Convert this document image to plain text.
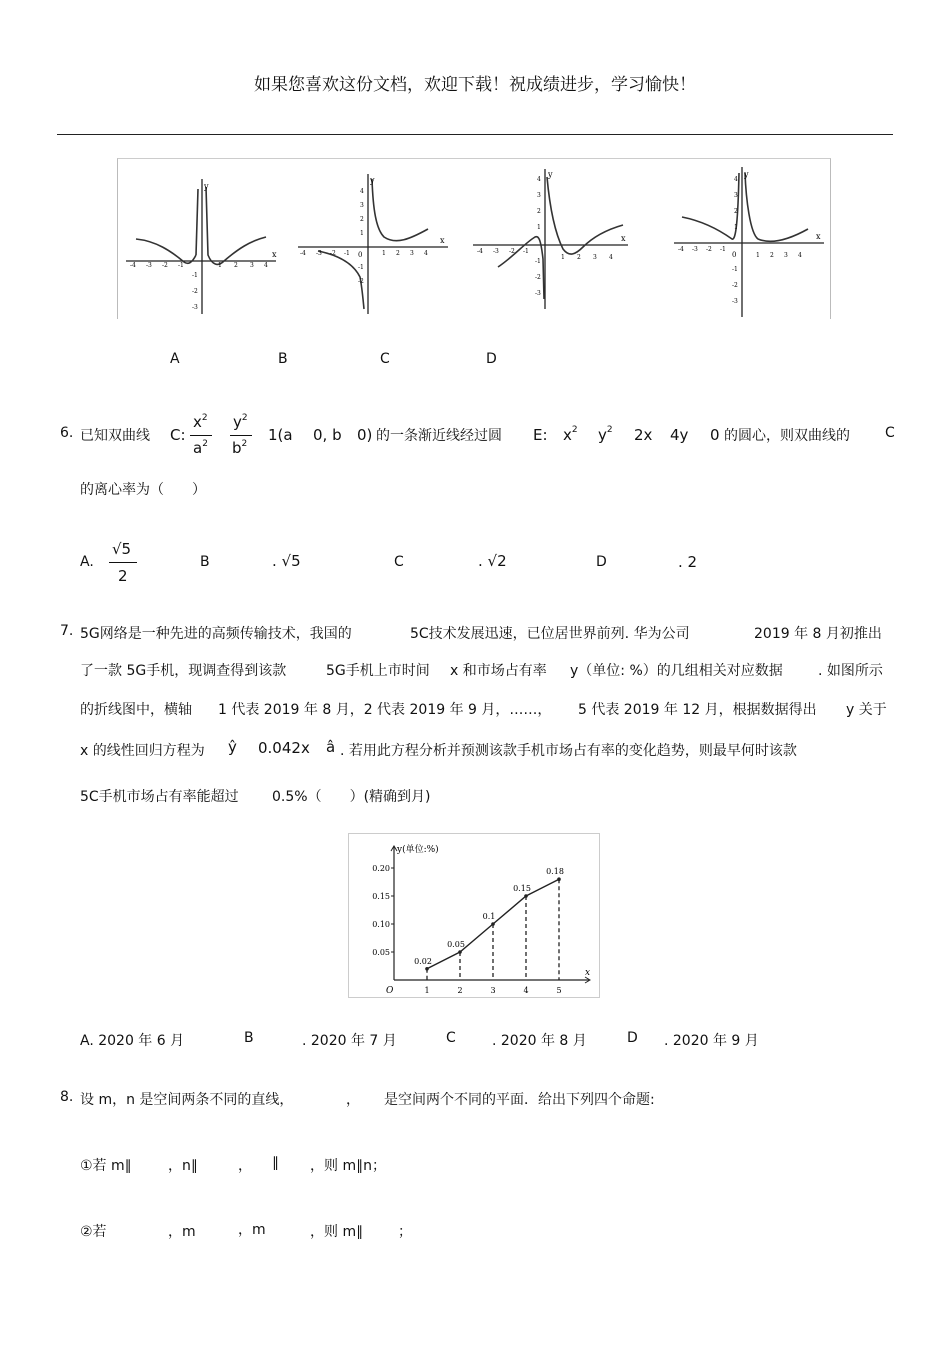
如果您喜欢这份文档，欢迎下载！祝成绩进步，学习愉快！
y
x
-4 -3 -2 -1	1 2 3 4
-1
-2
-3
y
x
0
-4 -3 -2 -1	1 2 3 4
4
3
2
1
-1
-2
y
x
-4 -3 -2 -1
1 2 3 4
4
3
2
1
-1
-2
-3
y
x
0
-4 -3 -2 -1
1 2 3 4
4
3
2
1
-1
-2
-3
A	B	C	D
6. 已知双曲线 C:
$x^2$
$a^2$
$y^2$
$b^2$ 1(a 0, b 0) 的一条渐近线经过圆 E: $x^2$ $y^2$ 2x 4y 0 的圆心，则双曲线的	C
的离心率为（　　）
A.
√5
2
B	. √5	C	. √2	D	. 2
7. 5G网络是一种先进的高频传输技术，我国的	5C技术发展迅速，已位居世界前列. 华为公司	2019 年 8 月初推出
了一款 5G手机，现调查得到该款	5G手机上市时间 x 和市场占有率 y（单位: %）的几组相关对应数据	. 如图所示
的折线图中，横轴 1 代表 2019 年 8 月，2 代表 2019 年 9 月，……， 5 代表 2019 年 12 月，根据数据得出 y 关于
x 的线性回归方程为 ŷ 0.042x â . 若用此方程分析并预测该款手机市场占有率的变化趋势，则最早何时该款
5C手机市场占有率能超过 0.5%（　　）(精确到月)
y(单位:%)
x
O
0.05
0.10
0.15
0.20
1	2	3	4	5
0.02
0.05
0.1
0.15
0.18
A. 2020 年 6 月	B	. 2020 年 7 月	C	. 2020 年 8 月	D . 2020 年 9 月
8. 设 m，n 是空间两条不同的直线，	， 是空间两个不同的平面．给出下列四个命题:
①若 m∥	，n∥	， ∥ ，则 m∥n；
②若	，m	，m	，则 m∥ ；
